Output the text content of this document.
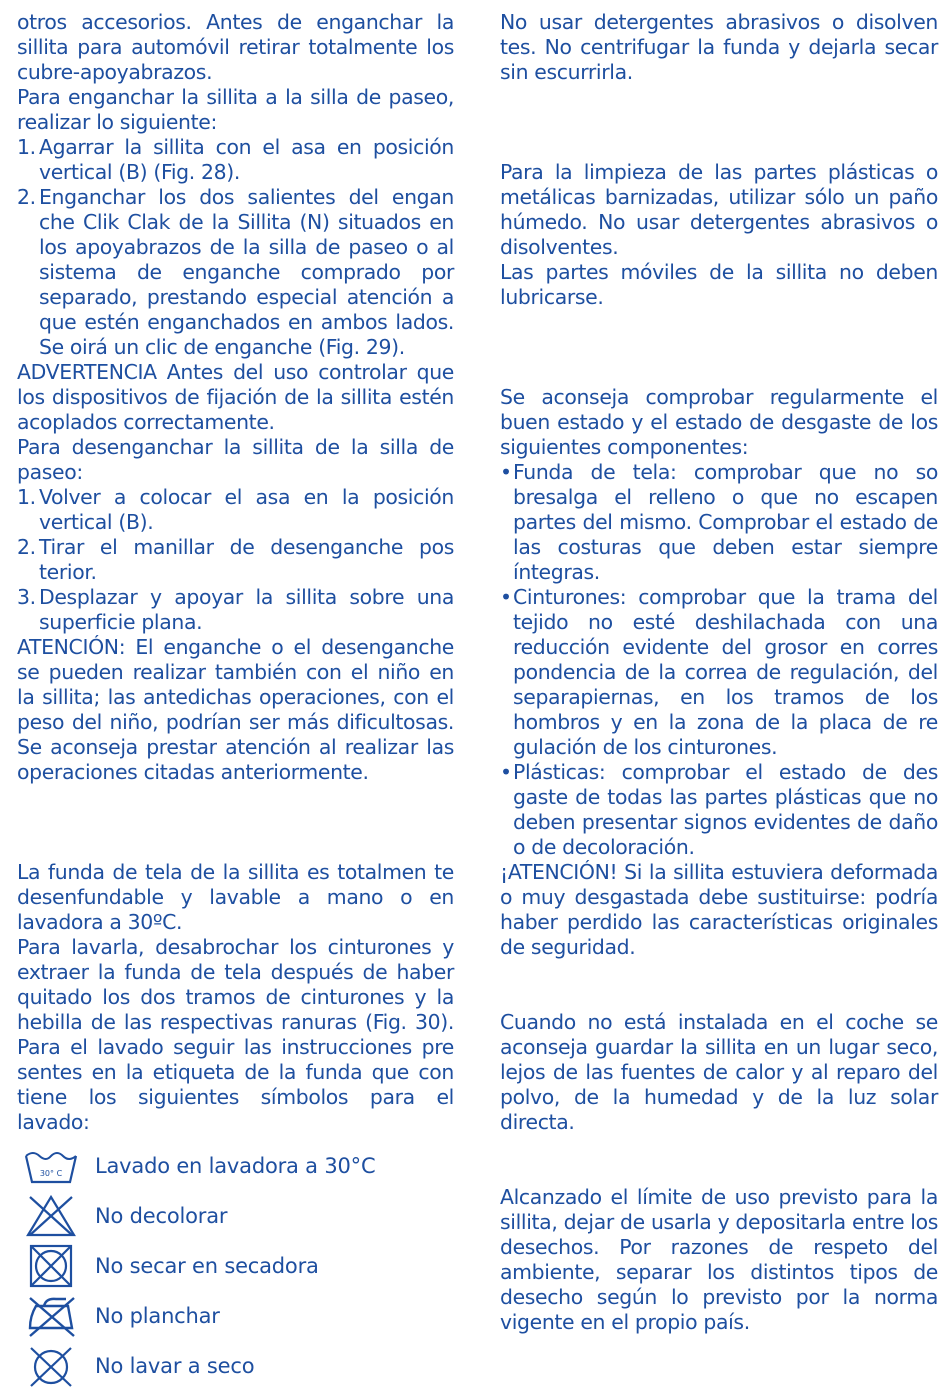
otros accesorios. Antes de enganchar la sillita para automóvil retirar totalmente los cubre-apoyabrazos.

Para enganchar la sillita a la silla de paseo, realizar lo siguiente:

1. Agarrar la sillita con el asa en posición vertical (B) (Fig. 28).
2. Enganchar los dos salientes del engan che Clik Clak de la Sillita (N) situados en los apoyabrazos de la silla de paseo o al sistema de enganche comprado por separado, prestando especial atención a que estén enganchados en ambos lados. Se oirá un clic de enganche (Fig. 29).

ADVERTENCIA Antes del uso controlar que los dispositivos de fijación de la sillita estén acoplados correctamente.

Para desenganchar la sillita de la silla de paseo:

1. Volver a colocar el asa en la posición vertical (B).
2. Tirar el manillar de desenganche pos terior.
3. Desplazar y apoyar la sillita sobre una superficie plana.

ATENCIÓN: El enganche o el desenganche se pueden realizar también con el niño en la sillita; las antedichas operaciones, con el peso del niño, podrían ser más dificultosas. Se aconseja prestar atención al realizar las operaciones citadas anteriormente.

La funda de tela de la sillita es totalmen te desenfundable y lavable a mano o en lavadora a 30ºC.

Para lavarla, desabrochar los cinturones y extraer la funda de tela después de haber quitado los dos tramos de cinturones y la hebilla de las respectivas ranuras (Fig. 30). Para el lavado seguir las instrucciones pre sentes en la etiqueta de la funda que con tiene los siguientes símbolos para el lavado:

30° C Lavado en lavadora a 30°C
No decolorar
No secar en secadora
No planchar
No lavar a seco

No usar detergentes abrasivos o disolven tes. No centrifugar la funda y dejarla secar sin escurrirla.

Para la limpieza de las partes plásticas o metálicas barnizadas, utilizar sólo un paño húmedo. No usar detergentes abrasivos o disolventes.

Las partes móviles de la sillita no deben lubricarse.

Se aconseja comprobar regularmente el buen estado y el estado de desgaste de los siguientes componentes:

• Funda de tela: comprobar que no so bresalga el relleno o que no escapen partes del mismo. Comprobar el estado de las costuras que deben estar siempre íntegras.
• Cinturones: comprobar que la trama del tejido no esté deshilachada con una reducción evidente del grosor en corres pondencia de la correa de regulación, del separapiernas, en los tramos de los hombros y en la zona de la placa de re gulación de los cinturones.
• Plásticas: comprobar el estado de des gaste de todas las partes plásticas que no deben presentar signos evidentes de daño o de decoloración.

¡ATENCIÓN! Si la sillita estuviera deformada o muy desgastada debe sustituirse: podría haber perdido las características originales de seguridad.

Cuando no está instalada en el coche se aconseja guardar la sillita en un lugar seco, lejos de las fuentes de calor y al reparo del polvo, de la humedad y de la luz solar directa.

Alcanzado el límite de uso previsto para la sillita, dejar de usarla y depositarla entre los desechos. Por razones de respeto del ambiente, separar los distintos tipos de desecho según lo previsto por la norma vigente en el propio país.
